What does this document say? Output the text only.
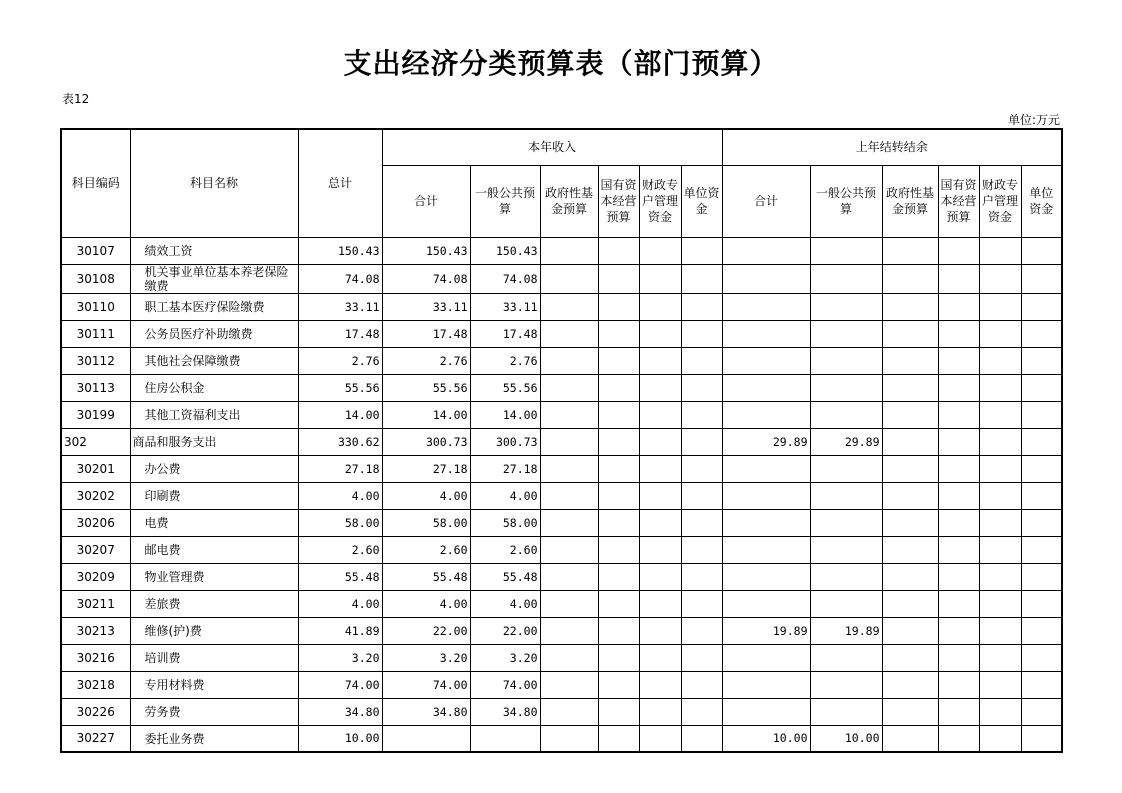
支出经济分类预算表（部门预算）
表12
单位:万元
科目编码	科目名称	总计	本年收入						上年结转结余					
			合计	一般公共预算	政府性基金预算	国有资本经营预算	财政专户管理资金	单位资金	合计	一般公共预算	政府性基金预算	国有资本经营预算	财政专户管理资金	单位资金
30107	绩效工资	150.43	150.43	150.43										
30108	机关事业单位基本养老保险缴费	74.08	74.08	74.08										
30110	职工基本医疗保险缴费	33.11	33.11	33.11										
30111	公务员医疗补助缴费	17.48	17.48	17.48										
30112	其他社会保障缴费	2.76	2.76	2.76										
30113	住房公积金	55.56	55.56	55.56										
30199	其他工资福利支出	14.00	14.00	14.00										
302	商品和服务支出	330.62	300.73	300.73					29.89	29.89				
30201	办公费	27.18	27.18	27.18										
30202	印刷费	4.00	4.00	4.00										
30206	电费	58.00	58.00	58.00										
30207	邮电费	2.60	2.60	2.60										
30209	物业管理费	55.48	55.48	55.48										
30211	差旅费	4.00	4.00	4.00										
30213	维修(护)费	41.89	22.00	22.00					19.89	19.89				
30216	培训费	3.20	3.20	3.20										
30218	专用材料费	74.00	74.00	74.00										
30226	劳务费	34.80	34.80	34.80										
30227	委托业务费	10.00							10.00	10.00				
